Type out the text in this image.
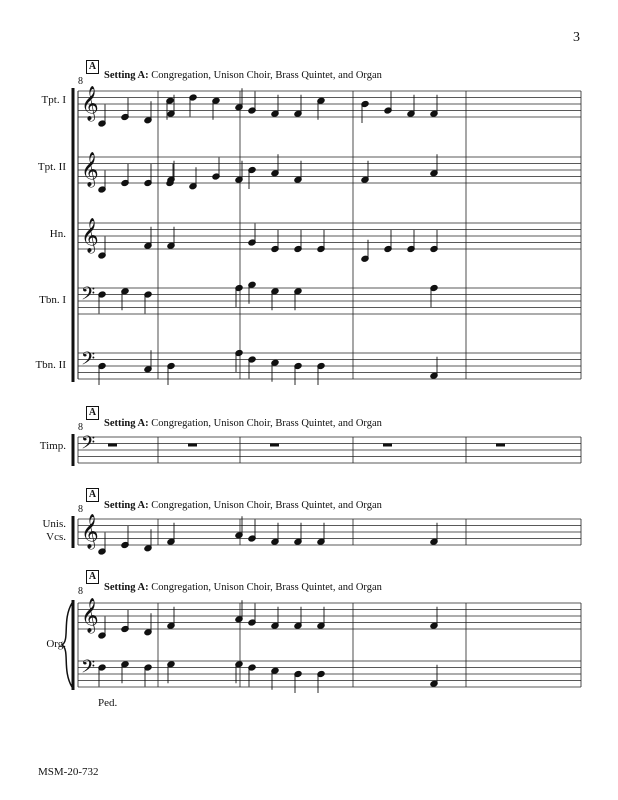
3
A
8
Setting A: Congregation, Unison Choir, Brass Quintet, and Organ
Tpt. I
Tpt. II
Hn.
Tbn. I
Tbn. II
A
8 Setting A: Congregation, Unison Choir, Brass Quintet, and Organ
Timp.
A
8 Setting A: Congregation, Unison Choir, Brass Quintet, and Organ
Unis.
Vcs.
A
8 Setting A: Congregation, Unison Choir, Brass Quintet, and Organ
Org.
Ped.
MSM-20-732
𝄞
𝄞
𝄞
𝄢
𝄢
𝄢
𝄞
𝄞
𝄢
